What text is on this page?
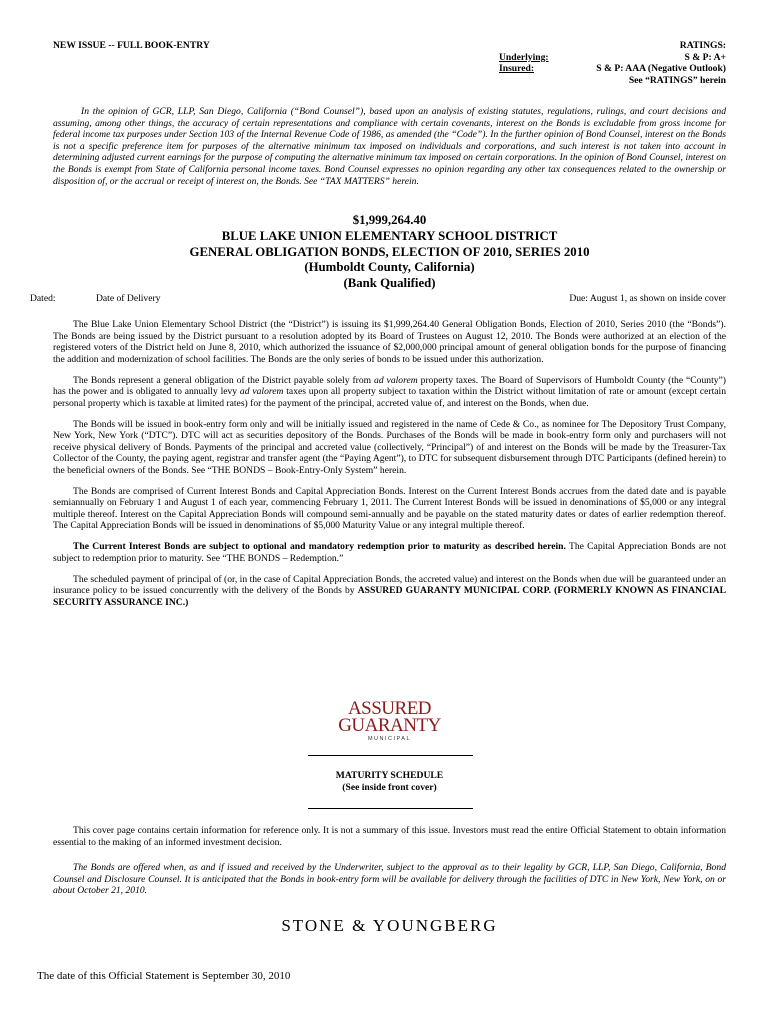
NEW ISSUE -- FULL BOOK-ENTRY
Underlying:
Insured:
RATINGS:
S & P: A+
S & P: AAA (Negative Outlook)
See “RATINGS” herein

In the opinion of GCR, LLP, San Diego, California (“Bond Counsel”), based upon an analysis of existing statutes, regulations, rulings, and court decisions and assuming, among other things, the accuracy of certain representations and compliance with certain covenants, interest on the Bonds is excludable from gross income for federal income tax purposes under Section 103 of the Internal Revenue Code of 1986, as amended (the “Code”). In the further opinion of Bond Counsel, interest on the Bonds is not a specific preference item for purposes of the alternative minimum tax imposed on individuals and corporations, and such interest is not taken into account in determining adjusted current earnings for the purpose of computing the alternative minimum tax imposed on certain corporations. In the opinion of Bond Counsel, interest on the Bonds is exempt from State of California personal income taxes. Bond Counsel expresses no opinion regarding any other tax consequences related to the ownership or disposition of, or the accrual or receipt of interest on, the Bonds. See “TAX MATTERS” herein.

$1,999,264.40
BLUE LAKE UNION ELEMENTARY SCHOOL DISTRICT
GENERAL OBLIGATION BONDS, ELECTION OF 2010, SERIES 2010
(Humboldt County, California)
(Bank Qualified)
Dated:	Date of Delivery	Due: August 1, as shown on inside cover

The Blue Lake Union Elementary School District (the “District”) is issuing its $1,999,264.40 General Obligation Bonds, Election of 2010, Series 2010 (the “Bonds”). The Bonds are being issued by the District pursuant to a resolution adopted by its Board of Trustees on August 12, 2010. The Bonds were authorized at an election of the registered voters of the District held on June 8, 2010, which authorized the issuance of $2,000,000 principal amount of general obligation bonds for the purpose of financing the addition and modernization of school facilities. The Bonds are the only series of bonds to be issued under this authorization.

The Bonds represent a general obligation of the District payable solely from ad valorem property taxes. The Board of Supervisors of Humboldt County (the “County”) has the power and is obligated to annually levy ad valorem taxes upon all property subject to taxation within the District without limitation of rate or amount (except certain personal property which is taxable at limited rates) for the payment of the principal, accreted value of, and interest on the Bonds, when due.

The Bonds will be issued in book-entry form only and will be initially issued and registered in the name of Cede & Co., as nominee for The Depository Trust Company, New York, New York (“DTC”). DTC will act as securities depository of the Bonds. Purchases of the Bonds will be made in book-entry form only and purchasers will not receive physical delivery of Bonds. Payments of the principal and accreted value (collectively, “Principal”) of and interest on the Bonds will be made by the Treasurer-Tax Collector of the County, the paying agent, registrar and transfer agent (the “Paying Agent”), to DTC for subsequent disbursement through DTC Participants (defined herein) to the beneficial owners of the Bonds. See “THE BONDS – Book-Entry-Only System” herein.

The Bonds are comprised of Current Interest Bonds and Capital Appreciation Bonds. Interest on the Current Interest Bonds accrues from the dated date and is payable semiannually on February 1 and August 1 of each year, commencing February 1, 2011. The Current Interest Bonds will be issued in denominations of $5,000 or any integral multiple thereof. Interest on the Capital Appreciation Bonds will compound semi-annually and be payable on the stated maturity dates or dates of earlier redemption thereof. The Capital Appreciation Bonds will be issued in denominations of $5,000 Maturity Value or any integral multiple thereof.

The Current Interest Bonds are subject to optional and mandatory redemption prior to maturity as described herein. The Capital Appreciation Bonds are not subject to redemption prior to maturity. See “THE BONDS – Redemption.”

The scheduled payment of principal of (or, in the case of Capital Appreciation Bonds, the accreted value) and interest on the Bonds when due will be guaranteed under an insurance policy to be issued concurrently with the delivery of the Bonds by ASSURED GUARANTY MUNICIPAL CORP. (FORMERLY KNOWN AS FINANCIAL SECURITY ASSURANCE INC.)

ASSURED
GUARANTY
MUNICIPAL
MATURITY SCHEDULE
(See inside front cover)

This cover page contains certain information for reference only. It is not a summary of this issue. Investors must read the entire Official Statement to obtain information essential to the making of an informed investment decision.

The Bonds are offered when, as and if issued and received by the Underwriter, subject to the approval as to their legality by GCR, LLP, San Diego, California, Bond Counsel and Disclosure Counsel. It is anticipated that the Bonds in book-entry form will be available for delivery through the facilities of DTC in New York, New York, on or about October 21, 2010.

STONE & YOUNGBERG
The date of this Official Statement is September 30, 2010
